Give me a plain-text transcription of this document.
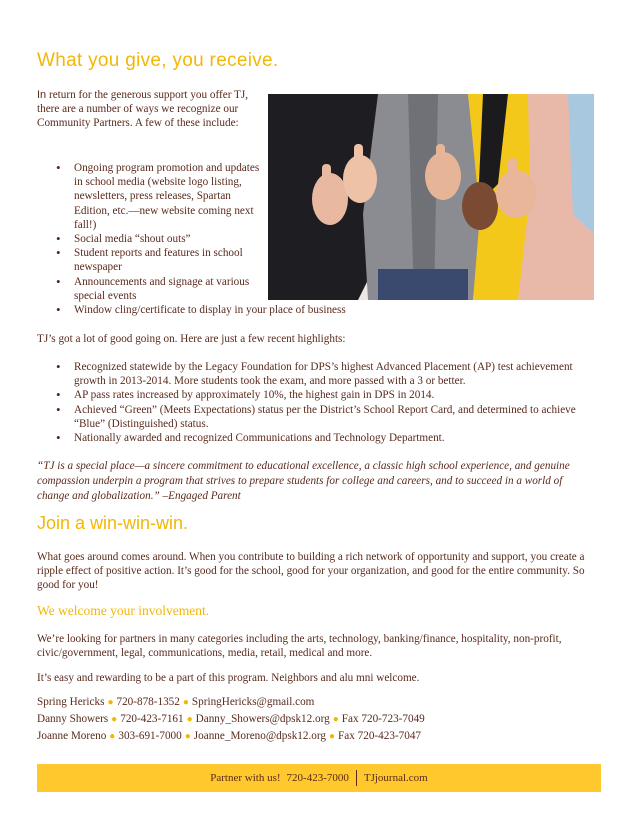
What you give, you receive.
In return for the generous support you offer TJ, there are a number of ways we recognize our Community Partners. A few of these include:
• Ongoing program promotion and updates in school media (website logo listing, newsletters, press releases, Spartan Edition, etc.—new website coming next fall!)
• Social media “shout outs”
• Student reports and features in school newspaper
• Announcements and signage at various special events
• Window cling/certificate to display in your place of business
TJ’s got a lot of good going on. Here are just a few recent highlights:
• Recognized statewide by the Legacy Foundation for DPS’s highest Advanced Placement (AP) test achievement growth in 2013-2014. More students took the exam, and more passed with a 3 or better.
• AP pass rates increased by approximately 10%, the highest gain in DPS in 2014.
• Achieved “Green” (Meets Expectations) status per the District’s School Report Card, and determined to achieve “Blue” (Distinguished) status.
• Nationally awarded and recognized Communications and Technology Department.
“TJ is a special place—a sincere commitment to educational excellence, a classic high school experience, and genuine compassion underpin a program that strives to prepare students for college and careers, and to succeed in a world of change and globalization.” –Engaged Parent
Join a win-win-win.
What goes around comes around. When you contribute to building a rich network of opportunity and support, you create a ripple effect of positive action. It’s good for the school, good for your organization, and good for the entire community. So good for you!
We welcome your involvement.
We’re looking for partners in many categories including the arts, technology, banking/finance, hospitality, non-profit, civic/government, legal, communications, media, retail, medical and more.
It’s easy and rewarding to be a part of this program. Neighbors and alu mni welcome.
Spring Hericks ● 720-878-1352 ● SpringHericks@gmail.com
Danny Showers ● 720-423-7161 ● Danny_Showers@dpsk12.org ● Fax 720-723-7049
Joanne Moreno ● 303-691-7000 ● Joanne_Moreno@dpsk12.org ● Fax 720-423-7047
Partner with us! 720-423-7000 TJjournal.com
